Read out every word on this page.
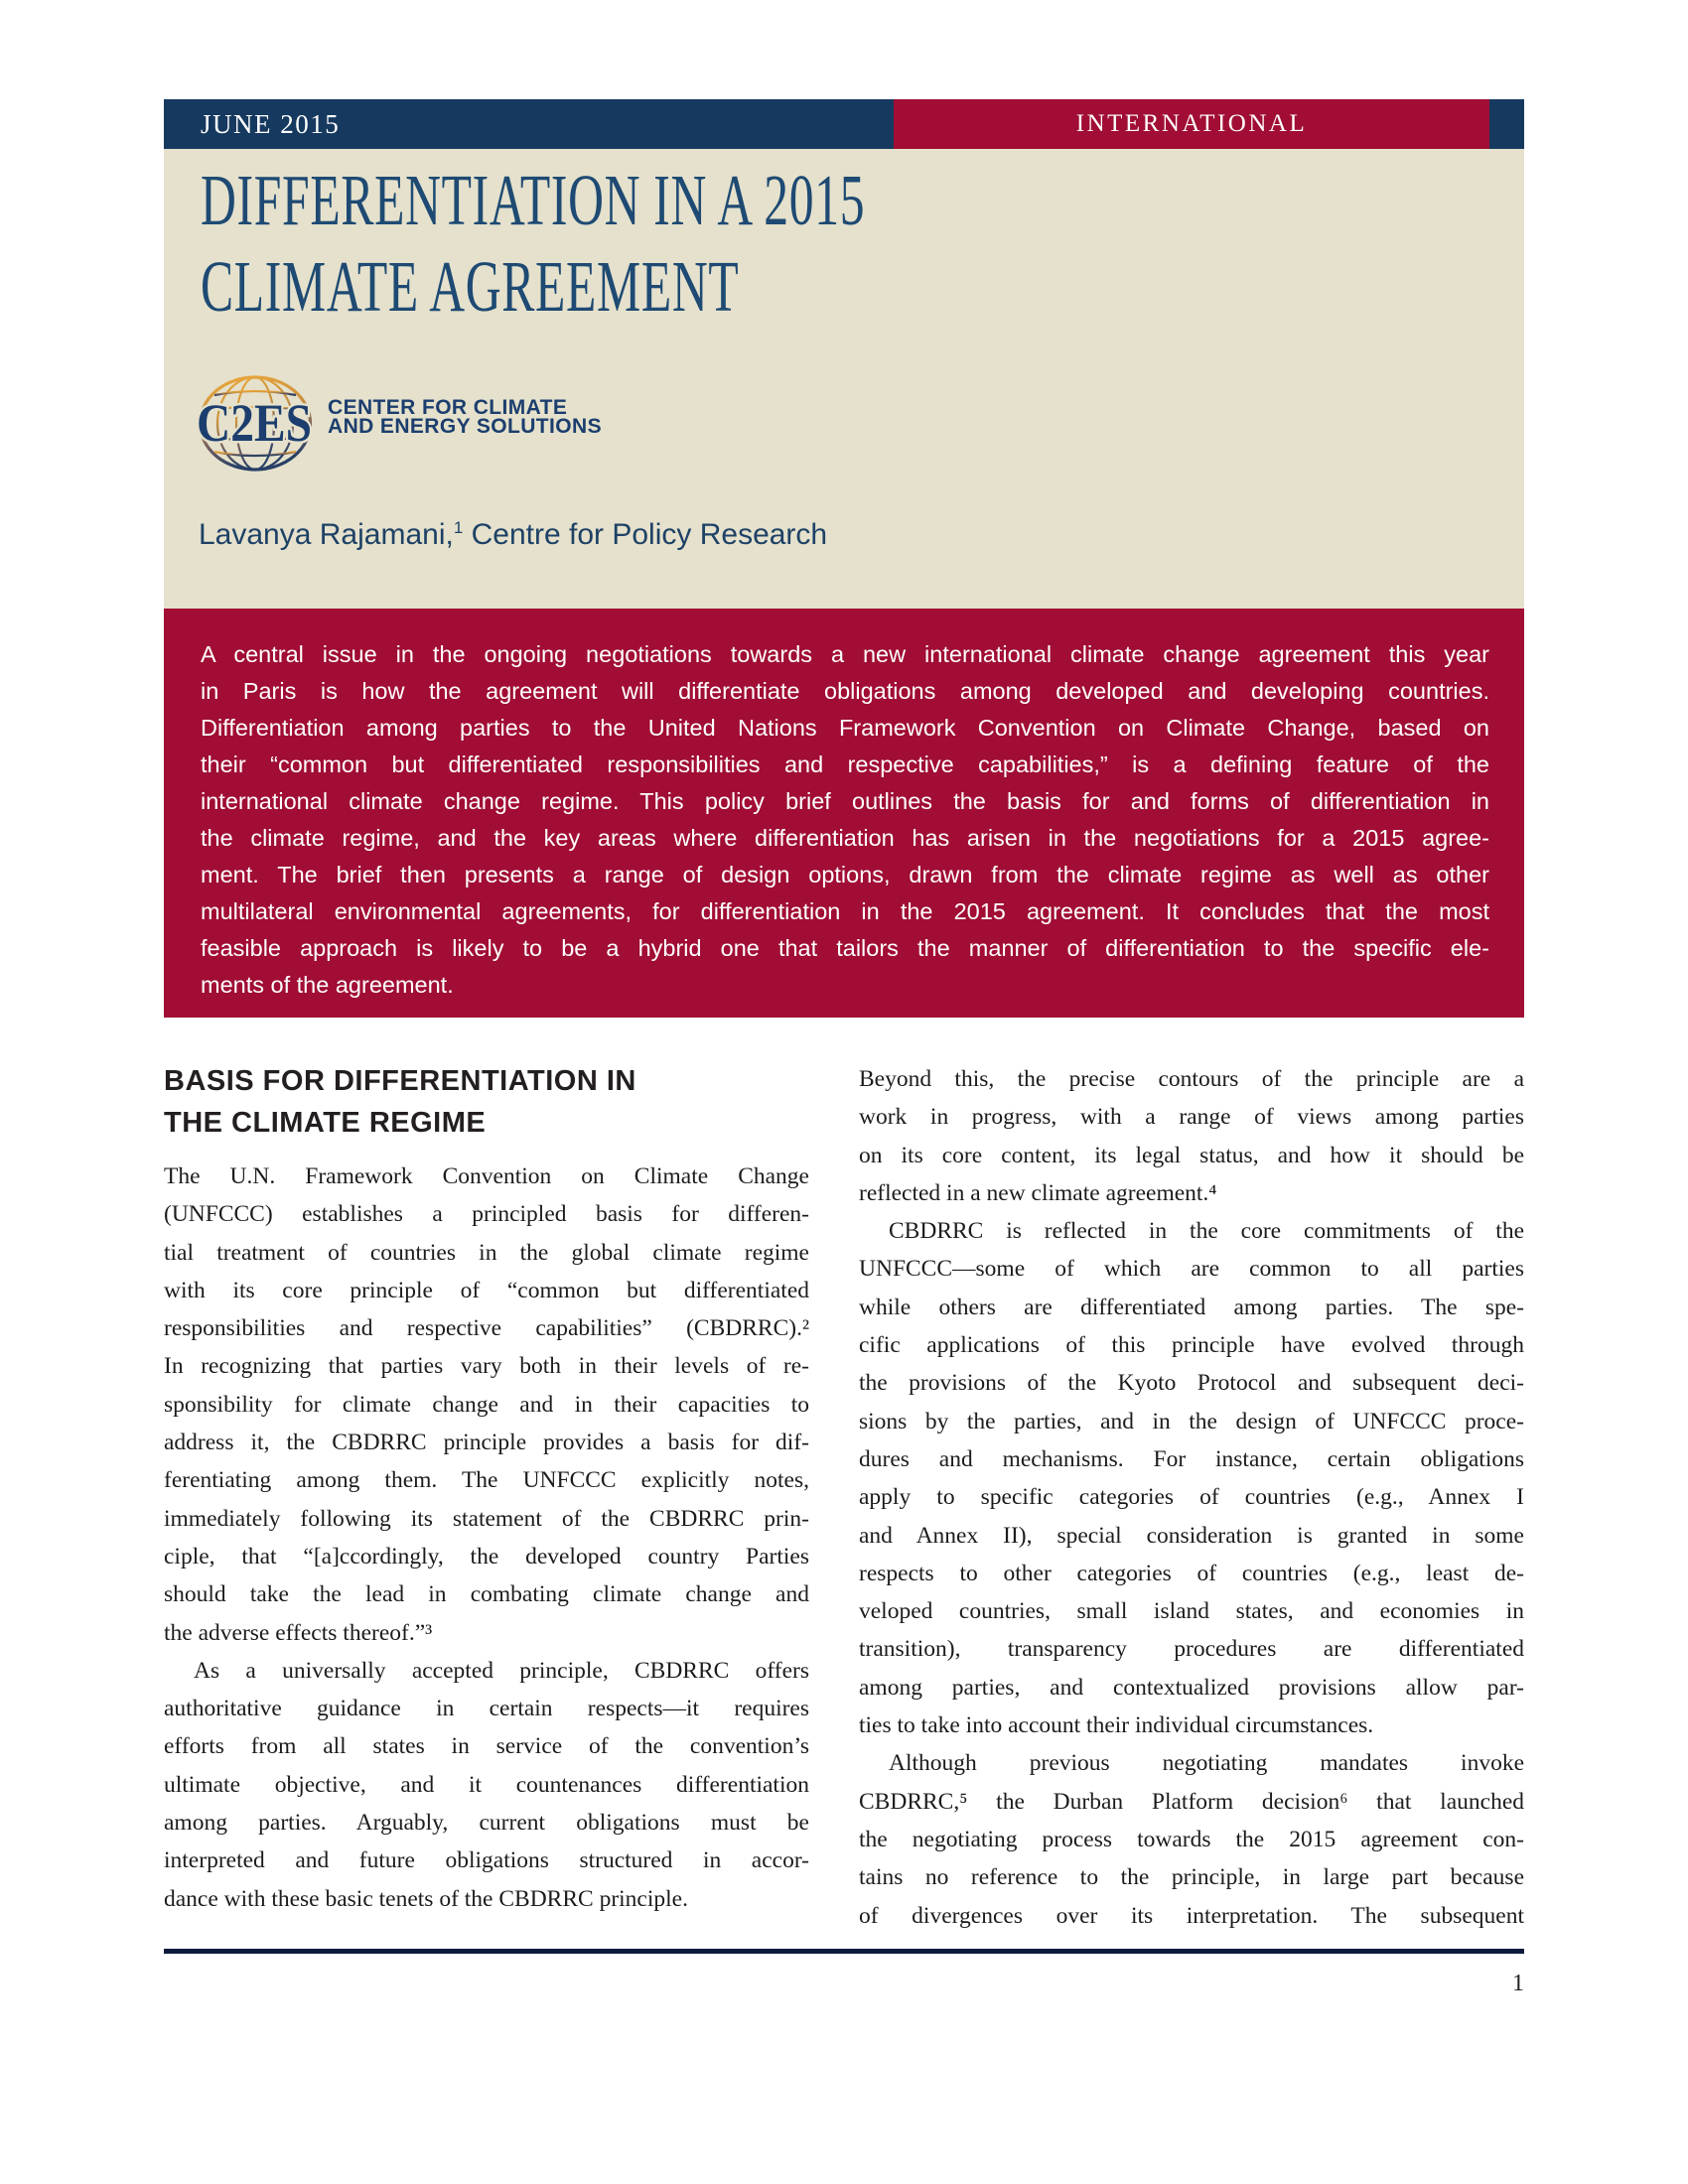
JUNE 2015	INTERNATIONAL
DIFFERENTIATION IN A 2015
CLIMATE AGREEMENT
C2ES CENTER FOR CLIMATE
AND ENERGY SOLUTIONS
Lavanya Rajamani,$^1$ Centre for Policy Research
A central issue in the ongoing negotiations towards a new international climate change agreement this year
in Paris is how the agreement will differentiate obligations among developed and developing countries.
Differentiation among parties to the United Nations Framework Convention on Climate Change, based on
their “common but differentiated responsibilities and respective capabilities,” is a defining feature of the
international climate change regime. This policy brief outlines the basis for and forms of differentiation in
the climate regime, and the key areas where differentiation has arisen in the negotiations for a 2015 agree-
ment. The brief then presents a range of design options, drawn from the climate regime as well as other
multilateral environmental agreements, for differentiation in the 2015 agreement. It concludes that the most
feasible approach is likely to be a hybrid one that tailors the manner of differentiation to the specific ele-
ments of the agreement.
BASIS FOR DIFFERENTIATION IN
THE CLIMATE REGIME
The U.N. Framework Convention on Climate Change
(UNFCCC) establishes a principled basis for differen-
tial treatment of countries in the global climate regime
with its core principle of “common but differentiated
responsibilities and respective capabilities” (CBDRRC).²
In recognizing that parties vary both in their levels of re-
sponsibility for climate change and in their capacities to
address it, the CBDRRC principle provides a basis for dif-
ferentiating among them. The UNFCCC explicitly notes,
immediately following its statement of the CBDRRC prin-
ciple, that “[a]ccordingly, the developed country Parties
should take the lead in combating climate change and
the adverse effects thereof.”³
As a universally accepted principle, CBDRRC offers
authoritative guidance in certain respects—it requires
efforts from all states in service of the convention’s
ultimate objective, and it countenances differentiation
among parties. Arguably, current obligations must be
interpreted and future obligations structured in accor-
dance with these basic tenets of the CBDRRC principle.
Beyond this, the precise contours of the principle are a
work in progress, with a range of views among parties
on its core content, its legal status, and how it should be
reflected in a new climate agreement.⁴
CBDRRC is reflected in the core commitments of the
UNFCCC—some of which are common to all parties
while others are differentiated among parties. The spe-
cific applications of this principle have evolved through
the provisions of the Kyoto Protocol and subsequent deci-
sions by the parties, and in the design of UNFCCC proce-
dures and mechanisms. For instance, certain obligations
apply to specific categories of countries (e.g., Annex I
and Annex II), special consideration is granted in some
respects to other categories of countries (e.g., least de-
veloped countries, small island states, and economies in
transition), transparency procedures are differentiated
among parties, and contextualized provisions allow par-
ties to take into account their individual circumstances.
Although previous negotiating mandates invoke
CBDRRC,⁵ the Durban Platform decision⁶ that launched
the negotiating process towards the 2015 agreement con-
tains no reference to the principle, in large part because
of divergences over its interpretation. The subsequent
1
